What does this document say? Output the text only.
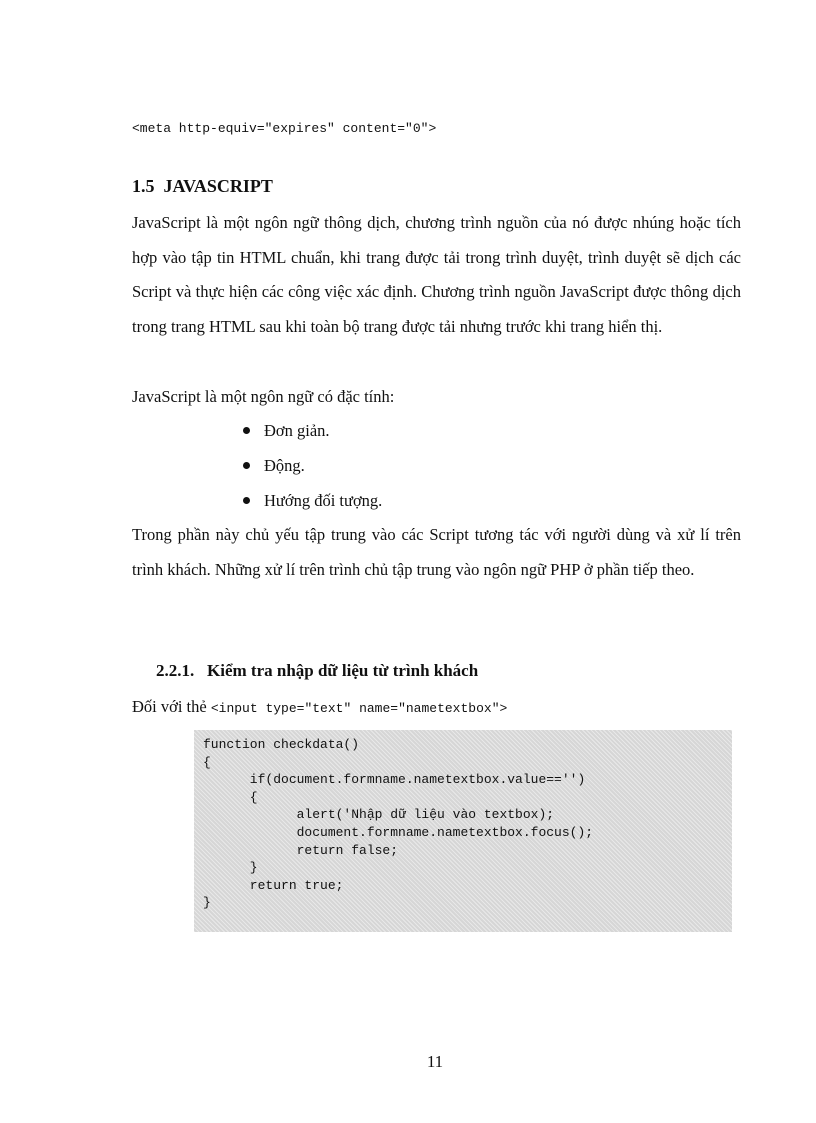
<meta http-equiv="expires" content="0">
1.5  JAVASCRIPT
JavaScript là một ngôn ngữ thông dịch, chương trình nguồn của nó được nhúng hoặc tích hợp vào tập tin HTML chuẩn, khi trang được tải trong trình duyệt, trình duyệt sẽ dịch các Script và thực hiện các công việc xác định. Chương trình nguồn JavaScript được thông dịch trong trang HTML sau khi toàn bộ trang được tải nhưng trước khi trang hiển thị.
JavaScript là một ngôn ngữ có đặc tính:
Đơn giản.
Động.
Hướng đối tượng.
Trong phần này chủ yếu tập trung vào các Script tương tác với người dùng và xử lí trên trình khách. Những xử lí trên trình chủ tập trung vào ngôn ngữ PHP ở phần tiếp theo.
2.2.1.   Kiểm tra nhập dữ liệu từ trình khách
Đối với thẻ <input type="text" name="nametextbox">
function checkdata()
{
if(document.formname.nametextbox.value=='')
{
alert('Nhập dữ liệu vào textbox);
document.formname.nametextbox.focus();
return false;
}
return true;
}
11
